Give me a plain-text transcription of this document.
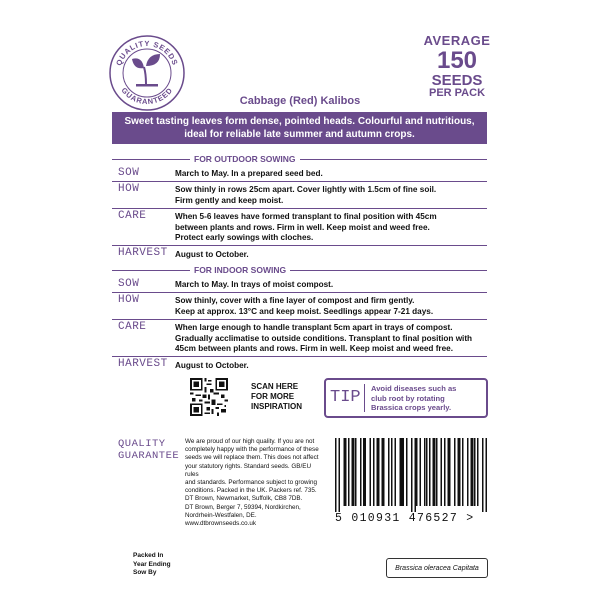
QUALITY SEEDS
GUARANTEED
AVERAGE
150
SEEDS
PER PACK
Cabbage (Red) Kalibos
Sweet tasting leaves form dense, pointed heads. Colourful and nutritious,
ideal for reliable late summer and autumn crops.
FOR OUTDOOR SOWING
SOW	March to May. In a prepared seed bed.
HOW	Sow thinly in rows 25cm apart. Cover lightly with 1.5cm of fine soil.
Firm gently and keep moist.
CARE	When 5-6 leaves have formed transplant to final position with 45cm
between plants and rows. Firm in well. Keep moist and weed free.
Protect early sowings with cloches.
HARVEST August to October.
FOR INDOOR SOWING
SOW	March to May. In trays of moist compost.
HOW	Sow thinly, cover with a fine layer of compost and firm gently.
Keep at approx. 13°C and keep moist. Seedlings appear 7-21 days.
CARE	When large enough to handle transplant 5cm apart in trays of compost.
Gradually acclimatise to outside conditions. Transplant to final position with
45cm between plants and rows. Firm in well. Keep moist and weed free.
HARVEST August to October.
SCAN HERE
FOR MORE
INSPIRATION TIP Avoid diseases such as
club root by rotating
Brassica crops yearly.
QUALITY
GUARANTEE
We are proud of our high quality. If you are not
completely happy with the performance of these
seeds we will replace them. This does not affect
your statutory rights. Standard seeds. GB/EU rules
and standards. Performance subject to growing
conditions. Packed in the UK. Packers ref. 735.
DT Brown, Newmarket, Suffolk, CB8 7DB.
DT Brown, Berger 7, 59394, Nordkirchen,
Nordrhein-Westfalen, DE. www.dtbrownseeds.co.uk	5 010931 476527 >
Packed In
Year Ending
Sow By
Brassica oleracea Capitata
